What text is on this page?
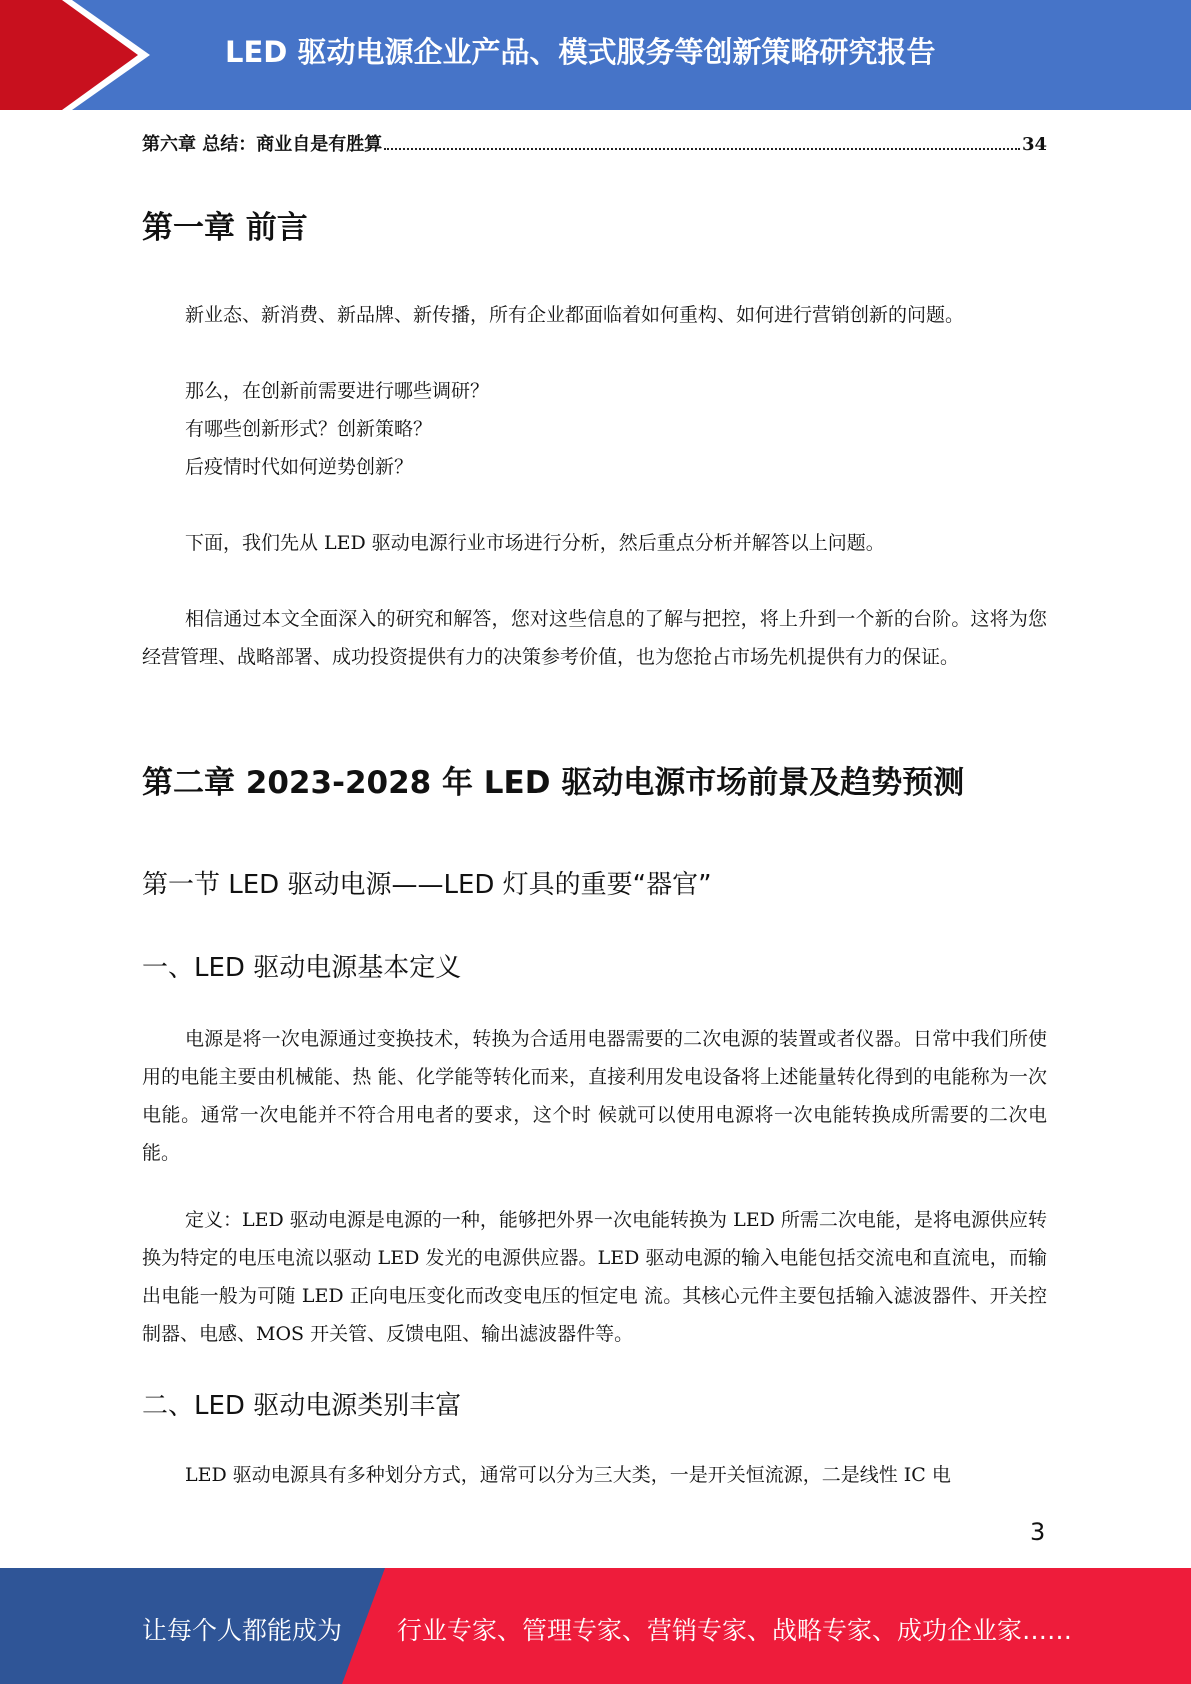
LED 驱动电源企业产品、模式服务等创新策略研究报告
第六章 总结：商业自是有胜算	34
第一章 前言

新业态、新消费、新品牌、新传播，所有企业都面临着如何重构、如何进行营销创新的问题。

那么，在创新前需要进行哪些调研？
有哪些创新形式？创新策略？
后疫情时代如何逆势创新？

下面，我们先从 LED 驱动电源行业市场进行分析，然后重点分析并解答以上问题。

相信通过本文全面深入的研究和解答，您对这些信息的了解与把控，将上升到一个新的台阶。这将为您经营管理、战略部署、成功投资提供有力的决策参考价值，也为您抢占市场先机提供有力的保证。

第二章 2023-2028 年 LED 驱动电源市场前景及趋势预测
第一节 LED 驱动电源——LED 灯具的重要“器官”
一、LED 驱动电源基本定义

电源是将一次电源通过变换技术，转换为合适用电器需要的二次电源的装置或者仪器。日常中我们所使用的电能主要由机械能、热 能、化学能等转化而来，直接利用发电设备将上述能量转化得到的电能称为一次电能。通常一次电能并不符合用电者的要求，这个时 候就可以使用电源将一次电能转换成所需要的二次电能。

定义：LED 驱动电源是电源的一种，能够把外界一次电能转换为 LED 所需二次电能，是将电源供应转换为特定的电压电流以驱动 LED 发光的电源供应器。LED 驱动电源的输入电能包括交流电和直流电，而输出电能一般为可随 LED 正向电压变化而改变电压的恒定电 流。其核心元件主要包括输入滤波器件、开关控制器、电感、MOS 开关管、反馈电阻、输出滤波器件等。

二、LED 驱动电源类别丰富

LED 驱动电源具有多种划分方式，通常可以分为三大类，一是开关恒流源，二是线性 IC 电

3
让每个人都能成为 行业专家、管理专家、营销专家、战略专家、成功企业家……
